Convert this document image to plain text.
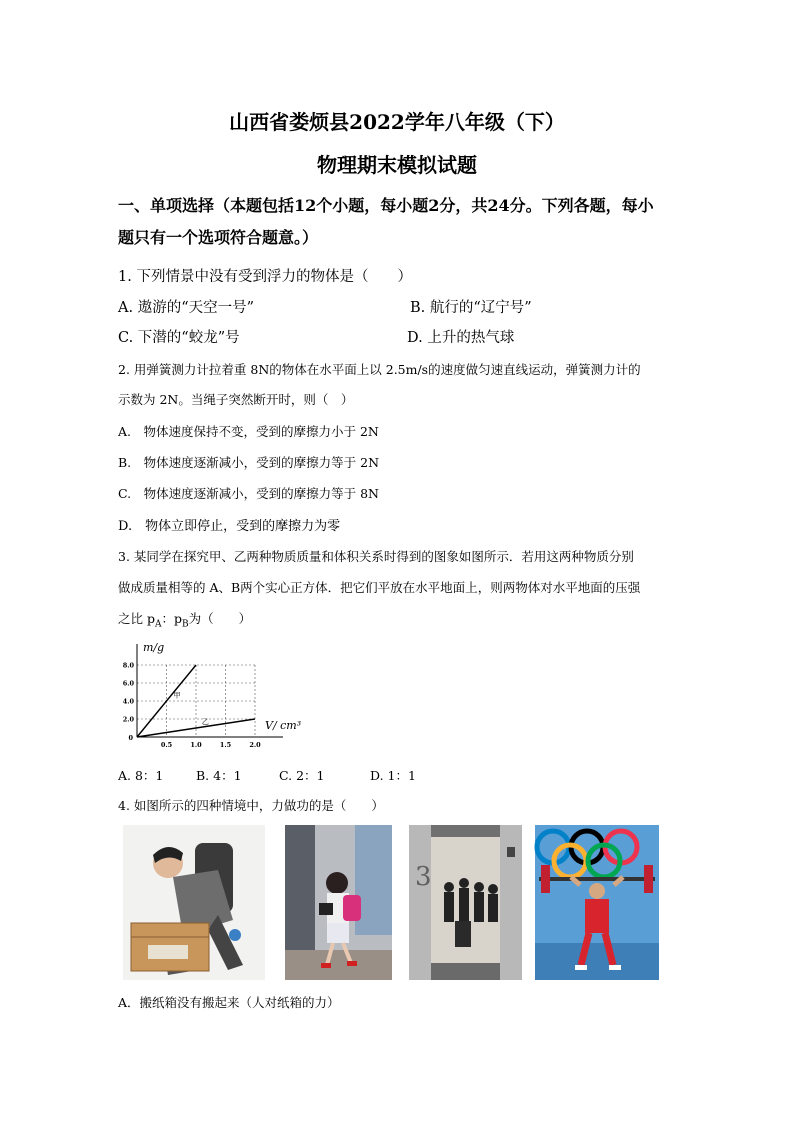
山西省娄烦县2022学年八年级（下）
物理期末模拟试题
一、单项选择（本题包括12个小题，每小题2分，共24分。下列各题，每小
题只有一个选项符合题意。）
1. 下列情景中没有受到浮力的物体是（　　）
A. 遨游的“天空一号”	B. 航行的“辽宁号”
C. 下潜的“蛟龙”号	D. 上升的热气球
2. 用弹簧测力计拉着重 8N的物体在水平面上以 2.5m/s的速度做匀速直线运动，弹簧测力计的
示数为 2N。当绳子突然断开时，则（　）
A.　物体速度保持不变，受到的摩擦力小于 2N
B.　物体速度逐渐减小，受到的摩擦力等于 2N
C.　物体速度逐渐减小，受到的摩擦力等于 8N
D.　物体立即停止，受到的摩擦力为零
3. 某同学在探究甲、乙两种物质质量和体积关系时得到的图象如图所示．若用这两种物质分别
做成质量相等的 A、B两个实心正方体．把它们平放在水平地面上，则两物体对水平地面的压强
之比 $p_A$：$p_B$为（　　）
甲
乙
0.5	1.0	1.5	2.0
8.0
6.0
4.0
2.0
0
m/g
V/ cm³
A. 8：1	B. 4：1	C. 2：1	D. 1：1
4. 如图所示的四种情境中，力做功的是（　　）
3
A．搬纸箱没有搬起来（人对纸箱的力）
